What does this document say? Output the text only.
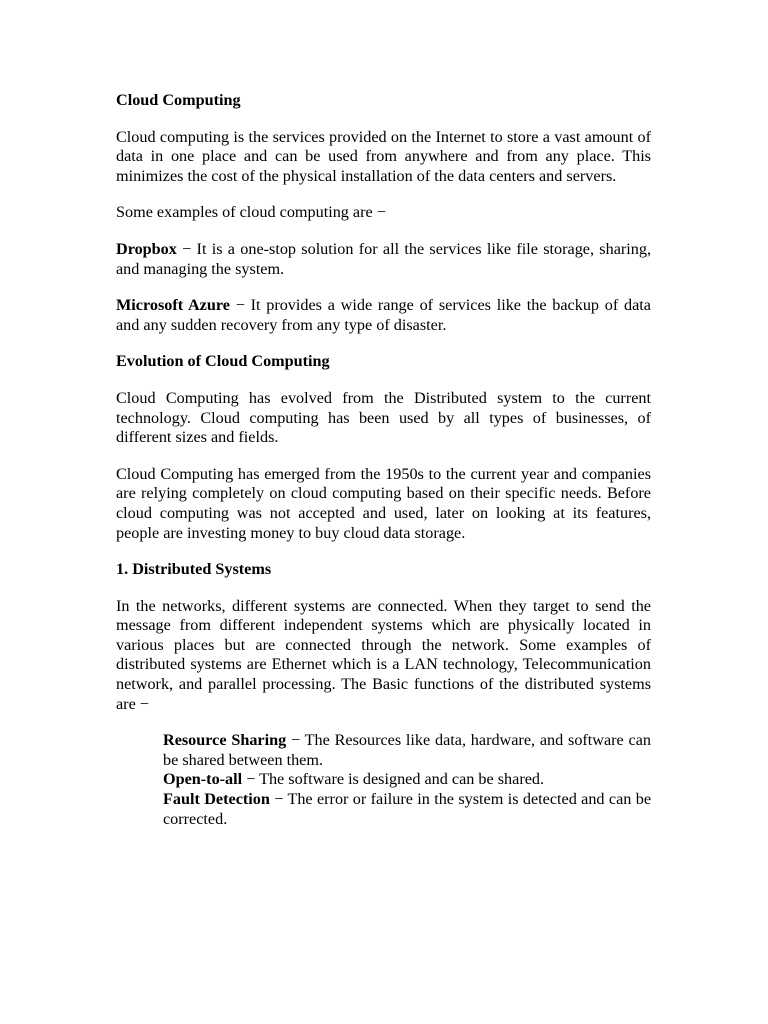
Cloud Computing
Cloud computing is the services provided on the Internet to store a vast amount of data in one place and can be used from anywhere and from any place. This minimizes the cost of the physical installation of the data centers and servers.
Some examples of cloud computing are −
Dropbox − It is a one-stop solution for all the services like file storage, sharing, and managing the system.
Microsoft Azure − It provides a wide range of services like the backup of data and any sudden recovery from any type of disaster.
Evolution of Cloud Computing
Cloud Computing has evolved from the Distributed system to the current technology. Cloud computing has been used by all types of businesses, of different sizes and fields.
Cloud Computing has emerged from the 1950s to the current year and companies are relying completely on cloud computing based on their specific needs. Before cloud computing was not accepted and used, later on looking at its features, people are investing money to buy cloud data storage.
1. Distributed Systems
In the networks, different systems are connected. When they target to send the message from different independent systems which are physically located in various places but are connected through the network. Some examples of distributed systems are Ethernet which is a LAN technology, Telecommunication network, and parallel processing. The Basic functions of the distributed systems are −
Resource Sharing − The Resources like data, hardware, and software can be shared between them.
Open-to-all − The software is designed and can be shared.
Fault Detection − The error or failure in the system is detected and can be corrected.
